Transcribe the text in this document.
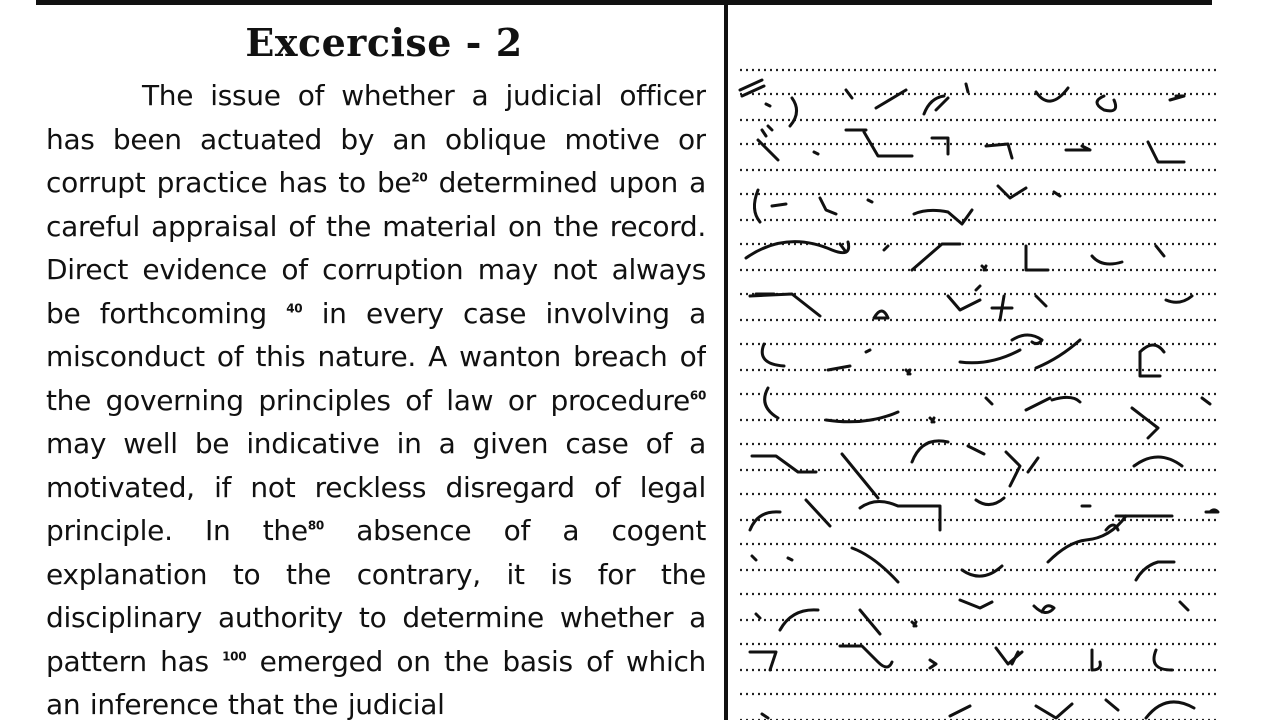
Excercise - 2

The issue of whether a judicial officer has been actuated by an oblique motive or corrupt practice has to $be^{20}$ determined upon a careful appraisal of the material on the record. Direct evidence of corruption may not always be forthcoming $^{40}$ in every case involving a misconduct of this nature. A wanton breach of the governing principles of law or procedure$^{60}$ may well be indicative in a given case of a motivated, if not reckless disregard of legal principle. In the$^{80}$ absence of a cogent explanation to the contrary, it is for the disciplinary authority to determine whether a pattern has $^{100}$ emerged on the basis of which an inference that the judicial
